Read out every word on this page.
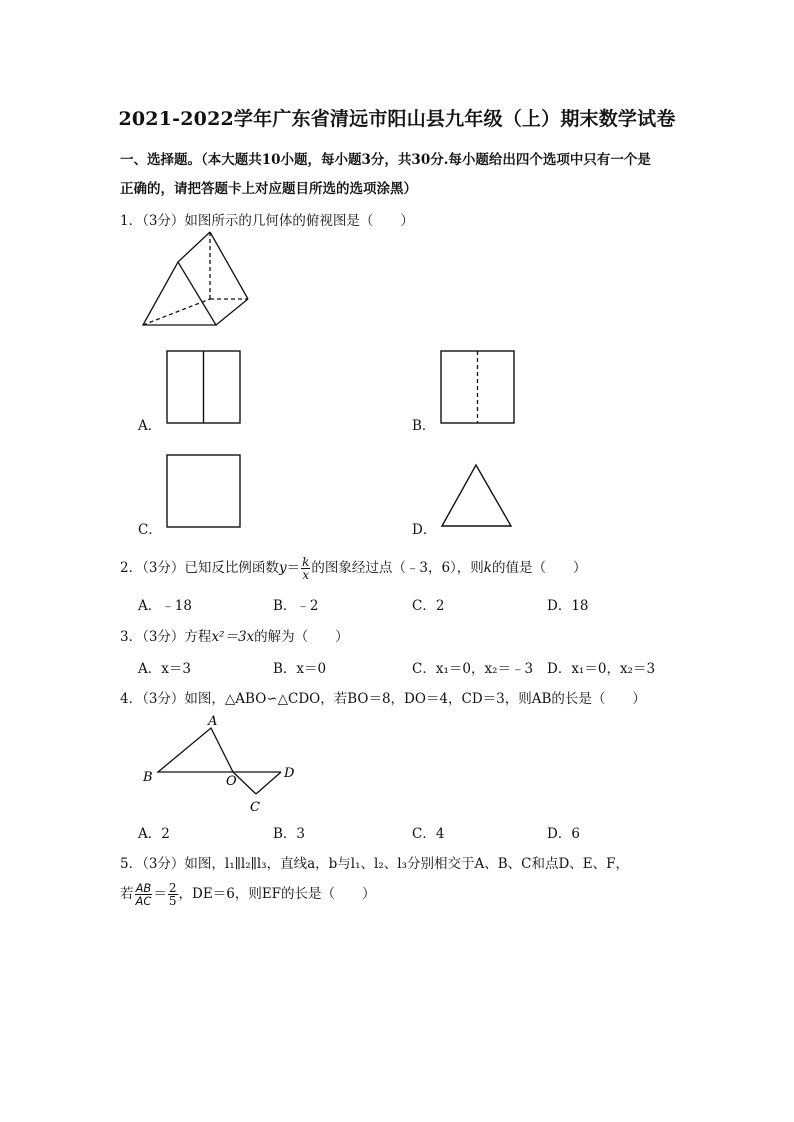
2021-2022学年广东省清远市阳山县九年级（上）期末数学试卷
一、选择题。（本大题共10小题，每小题3分，共30分.每小题给出四个选项中只有一个是
正确的，请把答题卡上对应题目所选的选项涂黑）
1．（3分）如图所示的几何体的俯视图是（　　）
A．	B．
C．	D．
2．（3分）已知反比例函数$y= \frac{k}{x}$ 的图象经过点（﹣3，6），则k的值是（　　）
A．﹣18	B．﹣2	C．2	D．18
3．（3分）方程x²＝3x的解为（　　）
A．x＝3	B．x＝0	C．x₁＝0，x₂＝﹣3 D．x₁＝0，x₂＝3
4．（3分）如图，△ABO∽△CDO，若BO＝8，DO＝4，CD＝3，则AB的长是（　　）
A
B	O
D
C
A．2	B．3	C．4	D．6
5．（3分）如图，l₁∥l₂∥l₃，直线a，b与l₁、l₂、l₃分别相交于A、B、C和点D、E、F，
若 $\frac{AB}{AC} = \frac{2}{5}$ ，DE＝6，则EF的长是（　　）
